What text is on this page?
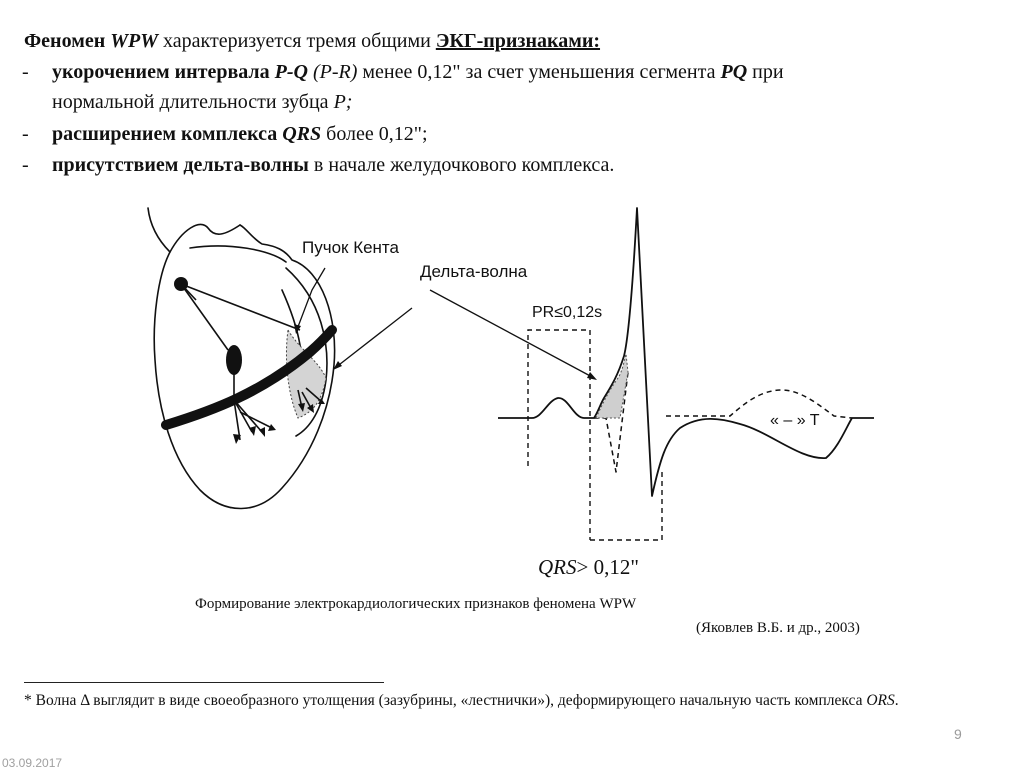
Феномен WPW характеризуется тремя общими ЭКГ-признаками:
-	укорочением интервала P-Q (P-R) менее 0,12" за счет уменьшения сегмента PQ при
нормальной длительности зубца P;
-	расширением комплекса QRS более 0,12";
-	присутствием дельта-волны в начале желудочкового комплекса.
Пучок Кента
Дельта-волна
PR≤0,12s
« – » T
QRS> 0,12"
Формирование электрокардиологических признаков феномена WPW
(Яковлев В.Б. и др., 2003)
* Волна Δ выглядит в виде своеобразного утолщения (зазубрины, «лестнички»), деформирующего начальную часть комплекса ORS.
9
03.09.2017
